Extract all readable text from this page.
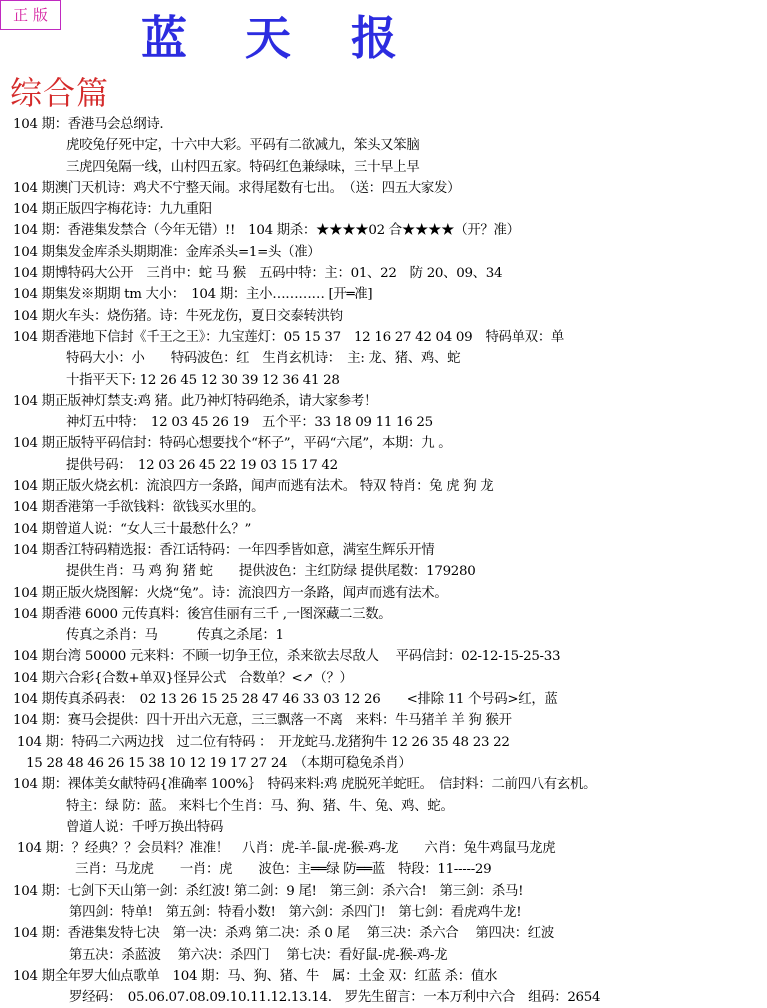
正 版 蓝 天 报
综合篇
104 期：香港马会总纲诗.
虎咬兔仔死中定，十六中大彩。平码有二欲减九，笨头又笨脑
三虎四兔隔一线，山村四五家。特码红色兼绿味，三十早上早
104 期澳门天机诗：鸡犬不宁整天闹。求得尾数有七出。　（送：四五大家发）
104 期正版四字梅花诗：九九重阳
104 期：香港集发禁合（今年无错）!!　104 期杀：★★★★02 合★★★★（开？准）
104 期集发金库杀头期期准：金库杀头=1=头（准）
104 期博特码大公开　三肖中：蛇 马 猴　五码中特：主：01、22　防 20、09、34
104 期集发※期期 tm 大小：　104 期：主小………… [开═准]
104 期火车头：烧伤猪。诗：牛死龙伤，夏日交泰转洪钧
104 期香港地下信封《千王之王》：九宝莲灯：05 15 37　12 16 27 42 04 09　特码单双：单
特码大小：小　　特码波色：红　生肖玄机诗：　主: 龙、猪、鸡、蛇
十指平天下: 12 26 45 12 30 39 12 36 41 28
104 期正版神灯禁支:鸡 猪。此乃神灯特码绝杀，请大家参考！
神灯五中特：　12 03 45 26 19　五个平：33 18 09 11 16 25
104 期正版特平码信封：特码心想要找个“杯子”，平码“六尾”，本期：九 。
提供号码：　12 03 26 45 22 19 03 15 17 42
104 期正版火烧玄机：流浪四方一条路，闻声而逃有法术。 特双 特肖：兔 虎 狗 龙
104 期香港第一手欲钱料：欲钱买水里的。
104 期曾道人说：“女人三十最愁什么？”
104 期香江特码精选报：香江话特码：一年四季皆如意，满室生辉乐开情
提供生肖：马 鸡 狗 猪 蛇　　提供波色：主红防绿 提供尾数：179280
104 期正版火烧图解：火烧“兔”。诗：流浪四方一条路，闻声而逃有法术。
104 期香港 6000 元传真料：後宫佳丽有三千 ,一图深藏二三数。
传真之杀肖：马　　　传真之杀尾：1
104 期台湾 50000 元来料：不顾一切争王位，杀来欲去尽敌人　 平码信封：02-12-15-25-33
104 期六合彩{合数+单双}怪异公式　合数单？<↗（？）
104 期传真杀码表：　02 13 26 15 25 28 47 46 33 03 12 26　　<排除 11 个号码>红，蓝
104 期：赛马会提供：四十开出六无意，三三飘落一不离　来料：牛马猪羊 羊 狗 猴开
104 期：特码二六两边找　过二位有特码 ：　开龙蛇马.龙猪狗牛 12 26 35 48 23 22
　15 28 48 46 26 15 38 10 12 19 17 27 24　（本期可稳兔杀肖）
104 期：裸体美女献特码{准确率 100%｝　特码来料:鸡 虎脱死羊蛇旺。　信封料：二前四八有玄机。
特主：绿 防：蓝。 来料七个生肖：马、狗、猪、牛、兔、鸡、蛇。
曾道人说：千呼万换出特码
104 期：？经典？？会员料？准准！　八肖：虎-羊-鼠-虎-猴-鸡-龙　　六肖：兔牛鸡鼠马龙虎
　三肖：马龙虎　　一肖：虎　　波色：主══绿 防══蓝　特段：11-----29
104 期：七剑下天山第一剑：杀红波! 第二剑：9 尾!　第三剑：杀六合!　第三剑：杀马!
第四剑：特单!　第五剑：特看小数!　第六剑：杀四门!　第七剑：看虎鸡牛龙!
104 期：香港集发特七决　第一决：杀鸡 第二决：杀 0 尾　 第三决：杀六合　 第四决：红波
第五决：杀蓝波　 第六决：杀四门　 第七决：看好鼠-虎-猴-鸡-龙
104 期全年罗大仙点歌单　104 期：马、狗、猪、牛　属：土金 双：红蓝 杀：值水
罗经码：　05.06.07.08.09.10.11.12.13.14.　罗先生留言：一本万利中六合　组码：2654
